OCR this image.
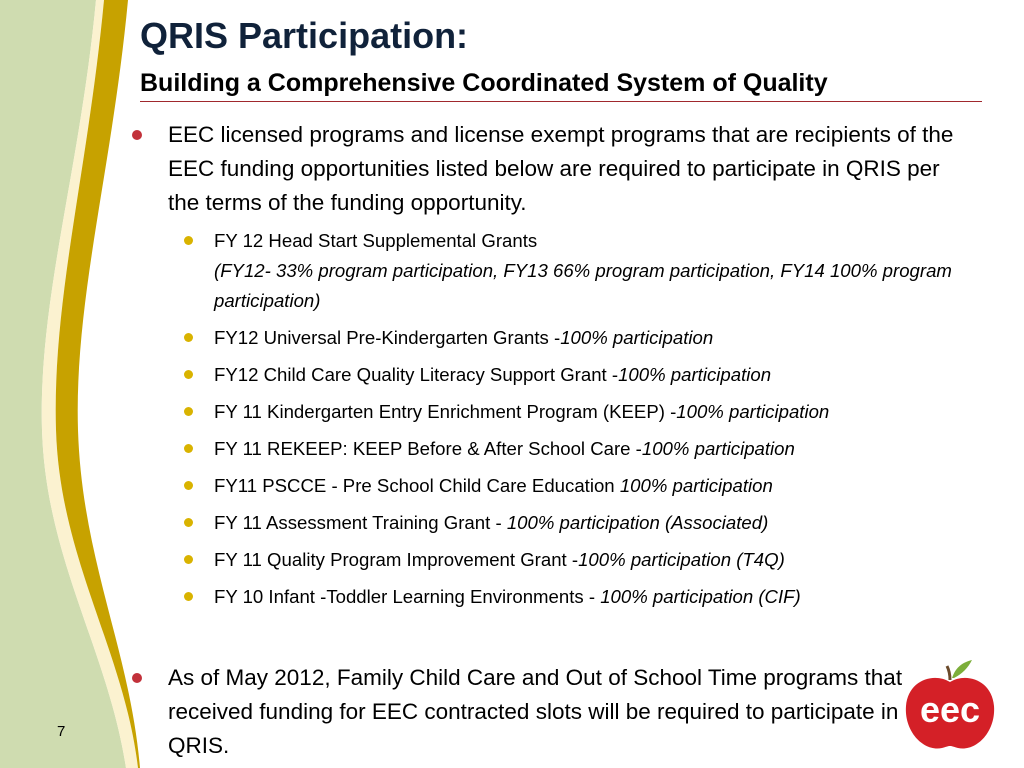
QRIS Participation:
Building a Comprehensive Coordinated System of Quality
EEC licensed programs and license exempt programs that are recipients of the EEC funding opportunities listed below are required to participate in QRIS per the terms of the funding opportunity.
FY 12 Head Start Supplemental Grants
(FY12- 33% program participation, FY13 66% program participation, FY14 100% program participation)
FY12 Universal Pre-Kindergarten Grants -100% participation
FY12 Child Care Quality Literacy Support Grant -100% participation
FY 11 Kindergarten Entry Enrichment Program (KEEP) -100% participation
FY 11 REKEEP: KEEP Before & After School Care -100% participation
FY11 PSCCE - Pre School Child Care Education 100% participation
FY 11 Assessment Training Grant - 100% participation (Associated)
FY 11 Quality Program Improvement Grant -100% participation (T4Q)
FY 10 Infant -Toddler Learning Environments - 100% participation (CIF)
As of May 2012, Family Child Care and Out of School Time programs that received funding for EEC contracted slots will be required to participate in QRIS.
7
eec
